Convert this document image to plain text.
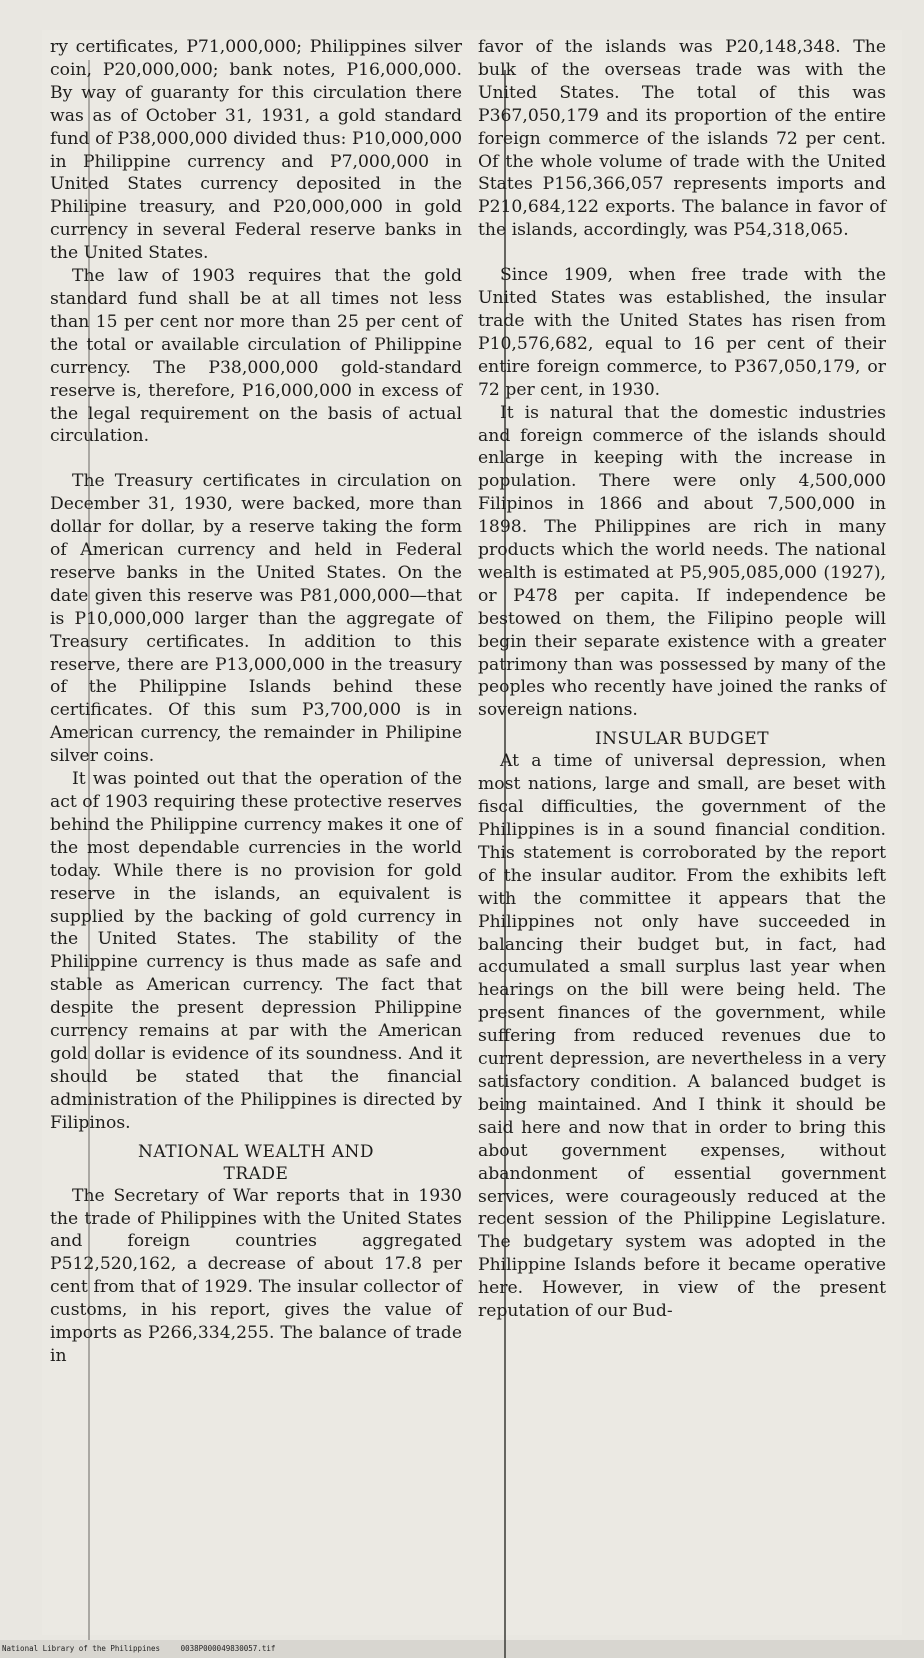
ry certificates, P71,000,000; Philippines silver coin, P20,000,000; bank notes, P16,000,000. By way of guaranty for this circulation there was as of October 31, 1931, a gold standard fund of P38,000,000 divided thus: P10,000,000 in Philippine currency and P7,000,000 in United States currency deposited in the Philipine treasury, and P20,000,000 in gold currency in several Federal reserve banks in the United States.

The law of 1903 requires that the gold standard fund shall be at all times not less than 15 per cent nor more than 25 per cent of the total or available circulation of Philippine currency. The P38,000,000 gold-standard reserve is, therefore, P16,000,000 in excess of the legal requirement on the basis of actual circulation.

The Treasury certificates in circulation on December 31, 1930, were backed, more than dollar for dollar, by a reserve taking the form of American currency and held in Federal reserve banks in the United States. On the date given this reserve was P81,000,000—that is P10,000,000 larger than the aggregate of Treasury certificates. In addition to this reserve, there are P13,000,000 in the treasury of the Philippine Islands behind these certificates. Of this sum P3,700,000 is in American currency, the remainder in Philipine silver coins.

It was pointed out that the operation of the act of 1903 requiring these protective reserves behind the Philippine currency makes it one of the most dependable currencies in the world today. While there is no provision for gold reserve in the islands, an equivalent is supplied by the backing of gold currency in the United States. The stability of the Philippine currency is thus made as safe and stable as American currency. The fact that despite the present depression Philippine currency remains at par with the American gold dollar is evidence of its soundness. And it should be stated that the financial administration of the Philippines is directed by Filipinos.

NATIONAL WEALTH AND
TRADE

The Secretary of War reports that in 1930 the trade of Philippines with the United States and foreign countries aggregated P512,520,162, a decrease of about 17.8 per cent from that of 1929. The insular collector of customs, in his report, gives the value of imports as P266,334,255. The balance of trade in

favor of the islands was P20,148,348. The bulk of the overseas trade was with the United States. The total of this was P367,050,179 and its proportion of the entire foreign commerce of the islands 72 per cent. Of the whole volume of trade with the United States P156,366,057 represents imports and P210,684,122 exports. The balance in favor of the islands, accordingly, was P54,318,065.

Since 1909, when free trade with the United States was established, the insular trade with the United States has risen from P10,576,682, equal to 16 per cent of their entire foreign commerce, to P367,050,179, or 72 per cent, in 1930.

It is natural that the domestic industries and foreign commerce of the islands should enlarge in keeping with the increase in population. There were only 4,500,000 Filipinos in 1866 and about 7,500,000 in 1898. The Philippines are rich in many products which the world needs. The national wealth is estimated at P5,905,085,000 (1927), or P478 per capita. If independence be bestowed on them, the Filipino people will begin their separate existence with a greater patrimony than was possessed by many of the peoples who recently have joined the ranks of sovereign nations.

INSULAR BUDGET

At a time of universal depression, when most nations, large and small, are beset with fiscal difficulties, the government of the Philippines is in a sound financial condition. This statement is corroborated by the report of the insular auditor. From the exhibits left with the committee it appears that the Philippines not only have succeeded in balancing their budget but, in fact, had accumulated a small surplus last year when hearings on the bill were being held. The present finances of the government, while suffering from reduced revenues due to current depression, are nevertheless in a very satisfactory condition. A balanced budget is being maintained. And I think it should be said here and now that in order to bring this about government expenses, without abandonment of essential government services, were courageously reduced at the recent session of the Philippine Legislature. The budgetary system was adopted in the Philippine Islands before it became operative here. However, in view of the present reputation of our Bud-

National Library of the Philippines	0038P000049830057.tif
